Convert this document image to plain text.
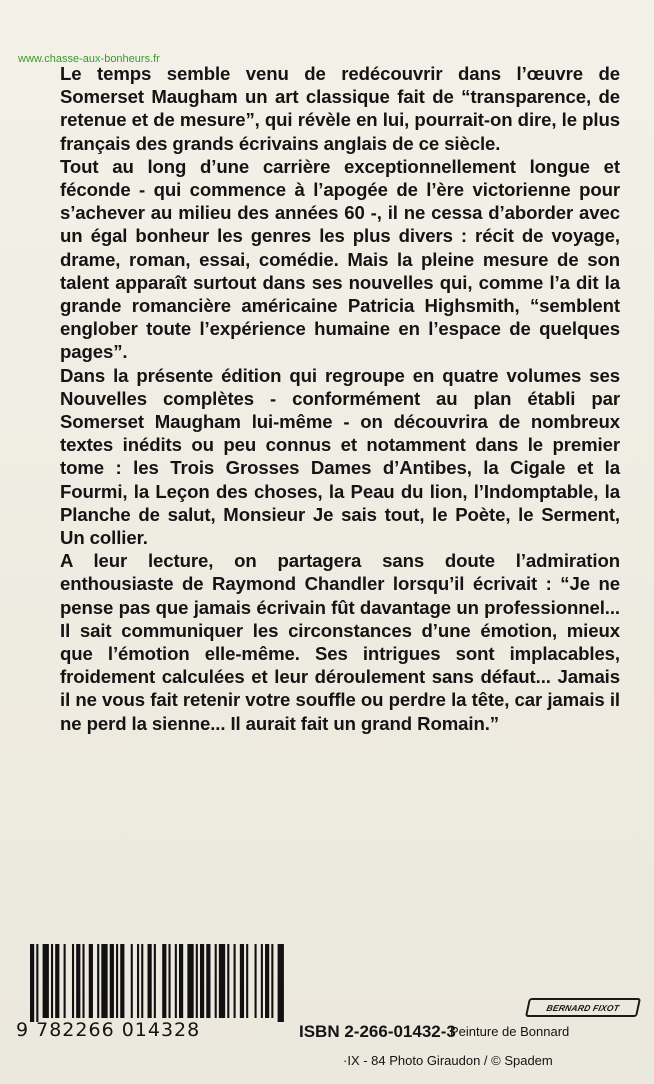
www.chasse-aux-bonheurs.fr

Le temps semble venu de redécouvrir dans l’œuvre de Somerset Maugham un art classique fait de “transparence, de retenue et de mesure”, qui révèle en lui, pourrait-on dire, le plus français des grands écrivains anglais de ce siècle.

Tout au long d’une carrière exceptionnellement longue et féconde - qui commence à l’apogée de l’ère victorienne pour s’achever au milieu des années 60 -, il ne cessa d’aborder avec un égal bonheur les genres les plus divers : récit de voyage, drame, roman, essai, comédie. Mais la pleine mesure de son talent apparaît surtout dans ses nouvelles qui, comme l’a dit la grande romancière américaine Patricia Highsmith, “semblent englober toute l’expérience humaine en l’espace de quelques pages”.

Dans la présente édition qui regroupe en quatre volumes ses Nouvelles complètes - conformément au plan établi par Somerset Maugham lui-même - on découvrira de nombreux textes inédits ou peu connus et notamment dans le premier tome : les Trois Grosses Dames d’Antibes, la Cigale et la Fourmi, la Leçon des choses, la Peau du lion, l’Indomptable, la Planche de salut, Monsieur Je sais tout, le Poète, le Serment, Un collier.

A leur lecture, on partagera sans doute l’admiration enthousiaste de Raymond Chandler lorsqu’il écrivait : “Je ne pense pas que jamais écrivain fût davantage un professionnel... Il sait communiquer les circonstances d’une émotion, mieux que l’émotion elle-même. Ses intrigues sont implacables, froidement calculées et leur déroulement sans défaut... Jamais il ne vous fait retenir votre souffle ou perdre la tête, car jamais il ne perd la sienne... Il aurait fait un grand Romain.”

9 782266 014328
BERNARD FIXOT
ISBN 2-266-01432-3
Peinture de Bonnard
·IX - 84 Photo Giraudon / © Spadem
